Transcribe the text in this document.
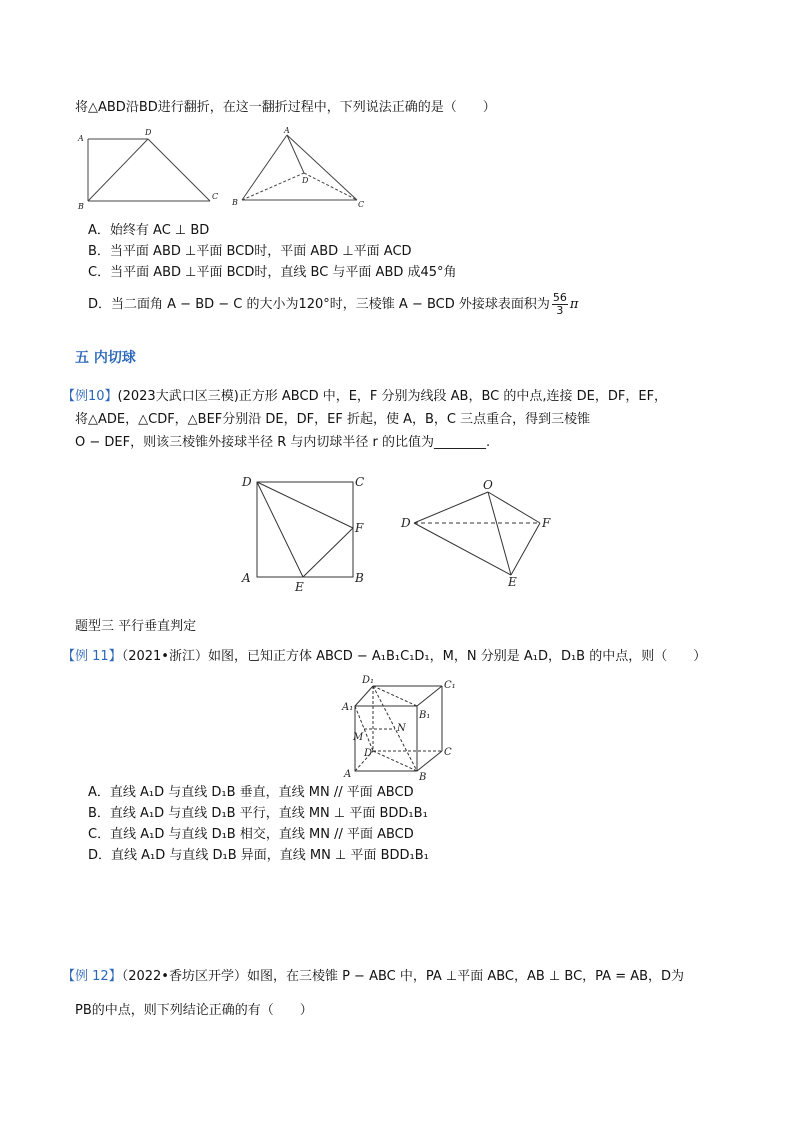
将△ABD沿BD进行翻折，在这一翻折过程中，下列说法正确的是（　　）
A
D
B
C
A
D
B	C
A．始终有 AC ⊥ BD
B．当平面 ABD ⊥平面 BCD时，平面 ABD ⊥平面 ACD
C．当平面 ABD ⊥平面 BCD时，直线 BC 与平面 ABD 成45°角
D．当二面角 A − BD − C 的大小为120°时，三棱锥 A − BCD 外接球表面积为 $\frac{56}{3}$ π
五 内切球
【例10】(2023大武口区三模)正方形 ABCD 中，E，F 分别为线段 AB，BC 的中点,连接 DE，DF，EF，
将△ADE，△CDF，△BEF分别沿 DE，DF，EF 折起，使 A，B，C 三点重合，得到三棱锥
O − DEF，则该三棱锥外接球半径 R 与内切球半径 r 的比值为________.
D	C
F
A
E
B
O
D	F
E
题型三 平行垂直判定
【例 11】（2021•浙江）如图，已知正方体 ABCD − A₁B₁C₁D₁，M，N 分别是 A₁D，D₁B 的中点，则（　　）
D₁	C₁
A₁
B₁
N
M
D	C
A	B
A．直线 A₁D 与直线 D₁B 垂直，直线 MN // 平面 ABCD
B．直线 A₁D 与直线 D₁B 平行，直线 MN ⊥ 平面 BDD₁B₁
C．直线 A₁D 与直线 D₁B 相交，直线 MN // 平面 ABCD
D．直线 A₁D 与直线 D₁B 异面，直线 MN ⊥ 平面 BDD₁B₁
【例 12】（2022•香坊区开学）如图，在三棱锥 P − ABC 中，PA ⊥平面 ABC，AB ⊥ BC，PA = AB，D为
PB的中点，则下列结论正确的有（　　）
